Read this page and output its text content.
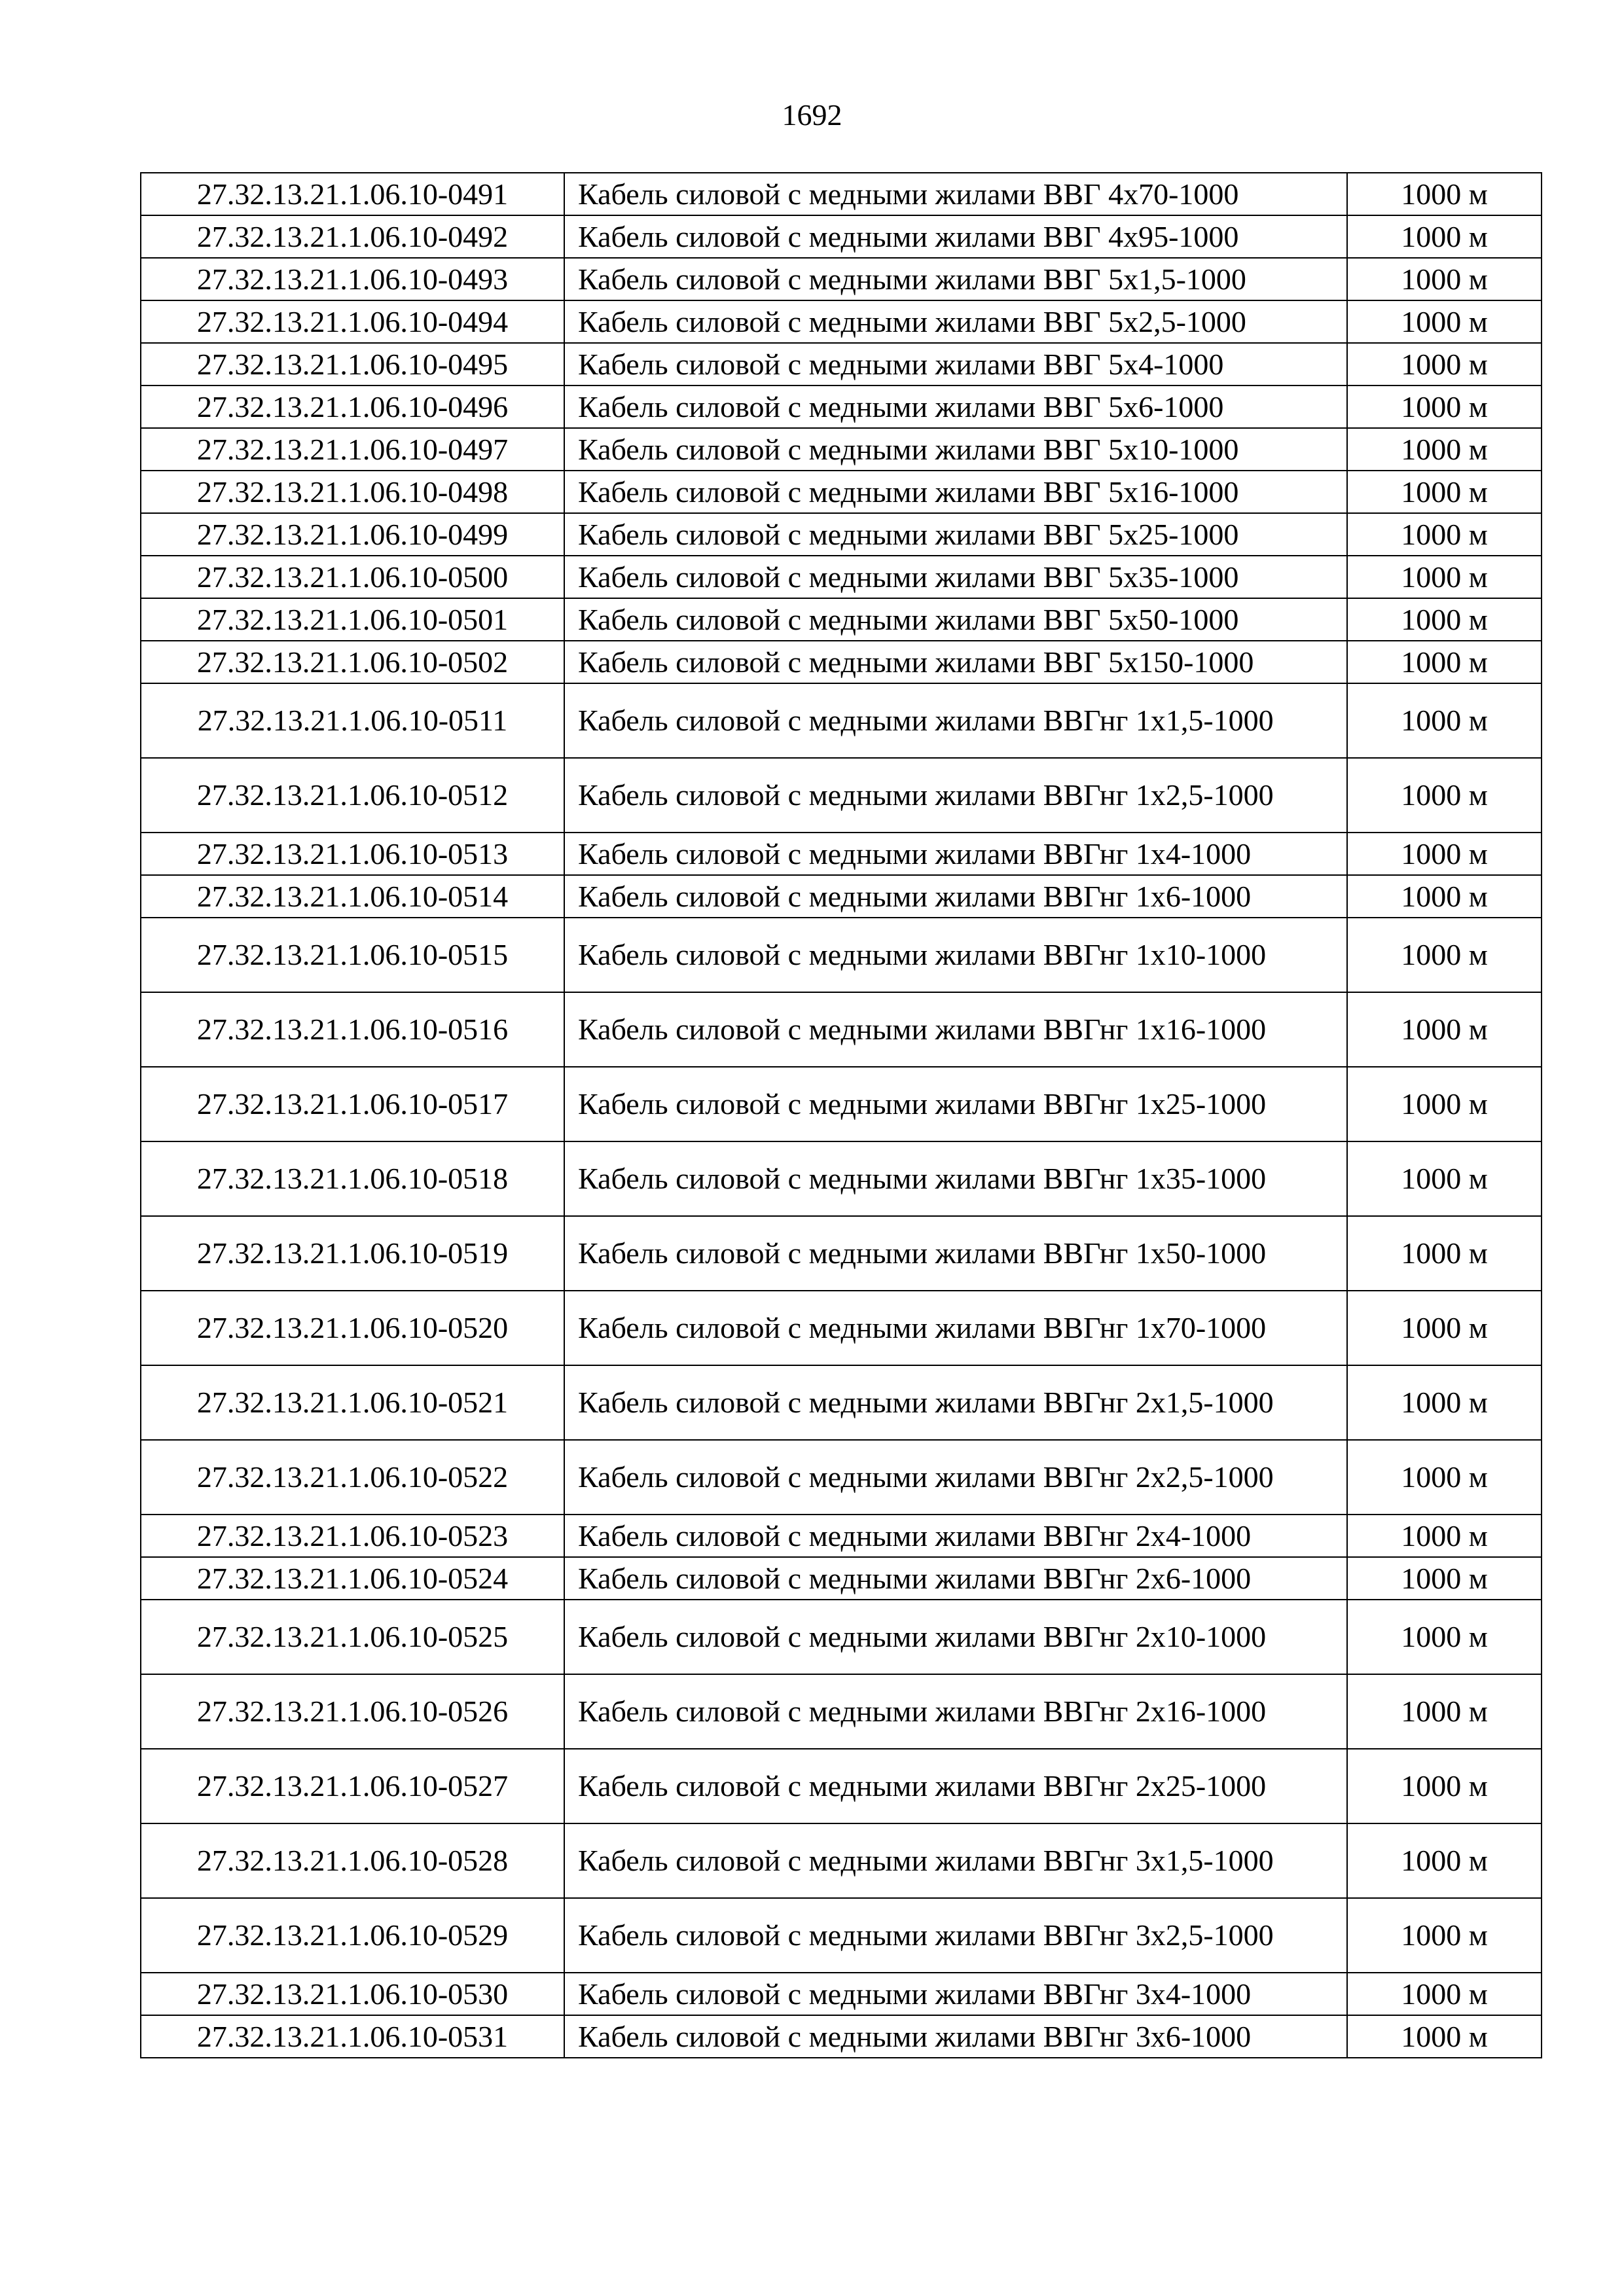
1692
27.32.13.21.1.06.10-0491	Кабель силовой с медными жилами ВВГ 4х70-1000	1000 м
27.32.13.21.1.06.10-0492	Кабель силовой с медными жилами ВВГ 4х95-1000	1000 м
27.32.13.21.1.06.10-0493	Кабель силовой с медными жилами ВВГ 5х1,5-1000	1000 м
27.32.13.21.1.06.10-0494	Кабель силовой с медными жилами ВВГ 5х2,5-1000	1000 м
27.32.13.21.1.06.10-0495	Кабель силовой с медными жилами ВВГ 5х4-1000	1000 м
27.32.13.21.1.06.10-0496	Кабель силовой с медными жилами ВВГ 5х6-1000	1000 м
27.32.13.21.1.06.10-0497	Кабель силовой с медными жилами ВВГ 5х10-1000	1000 м
27.32.13.21.1.06.10-0498	Кабель силовой с медными жилами ВВГ 5х16-1000	1000 м
27.32.13.21.1.06.10-0499	Кабель силовой с медными жилами ВВГ 5х25-1000	1000 м
27.32.13.21.1.06.10-0500	Кабель силовой с медными жилами ВВГ 5х35-1000	1000 м
27.32.13.21.1.06.10-0501	Кабель силовой с медными жилами ВВГ 5х50-1000	1000 м
27.32.13.21.1.06.10-0502	Кабель силовой с медными жилами ВВГ 5х150-1000	1000 м
27.32.13.21.1.06.10-0511	Кабель силовой с медными жилами ВВГнг 1х1,5-1000	1000 м
27.32.13.21.1.06.10-0512	Кабель силовой с медными жилами ВВГнг 1х2,5-1000	1000 м
27.32.13.21.1.06.10-0513	Кабель силовой с медными жилами ВВГнг 1х4-1000	1000 м
27.32.13.21.1.06.10-0514	Кабель силовой с медными жилами ВВГнг 1х6-1000	1000 м
27.32.13.21.1.06.10-0515	Кабель силовой с медными жилами ВВГнг 1х10-1000	1000 м
27.32.13.21.1.06.10-0516	Кабель силовой с медными жилами ВВГнг 1х16-1000	1000 м
27.32.13.21.1.06.10-0517	Кабель силовой с медными жилами ВВГнг 1х25-1000	1000 м
27.32.13.21.1.06.10-0518	Кабель силовой с медными жилами ВВГнг 1х35-1000	1000 м
27.32.13.21.1.06.10-0519	Кабель силовой с медными жилами ВВГнг 1х50-1000	1000 м
27.32.13.21.1.06.10-0520	Кабель силовой с медными жилами ВВГнг 1х70-1000	1000 м
27.32.13.21.1.06.10-0521	Кабель силовой с медными жилами ВВГнг 2х1,5-1000	1000 м
27.32.13.21.1.06.10-0522	Кабель силовой с медными жилами ВВГнг 2х2,5-1000	1000 м
27.32.13.21.1.06.10-0523	Кабель силовой с медными жилами ВВГнг 2х4-1000	1000 м
27.32.13.21.1.06.10-0524	Кабель силовой с медными жилами ВВГнг 2х6-1000	1000 м
27.32.13.21.1.06.10-0525	Кабель силовой с медными жилами ВВГнг 2х10-1000	1000 м
27.32.13.21.1.06.10-0526	Кабель силовой с медными жилами ВВГнг 2х16-1000	1000 м
27.32.13.21.1.06.10-0527	Кабель силовой с медными жилами ВВГнг 2х25-1000	1000 м
27.32.13.21.1.06.10-0528	Кабель силовой с медными жилами ВВГнг 3х1,5-1000	1000 м
27.32.13.21.1.06.10-0529	Кабель силовой с медными жилами ВВГнг 3х2,5-1000	1000 м
27.32.13.21.1.06.10-0530	Кабель силовой с медными жилами ВВГнг 3х4-1000	1000 м
27.32.13.21.1.06.10-0531	Кабель силовой с медными жилами ВВГнг 3х6-1000	1000 м
